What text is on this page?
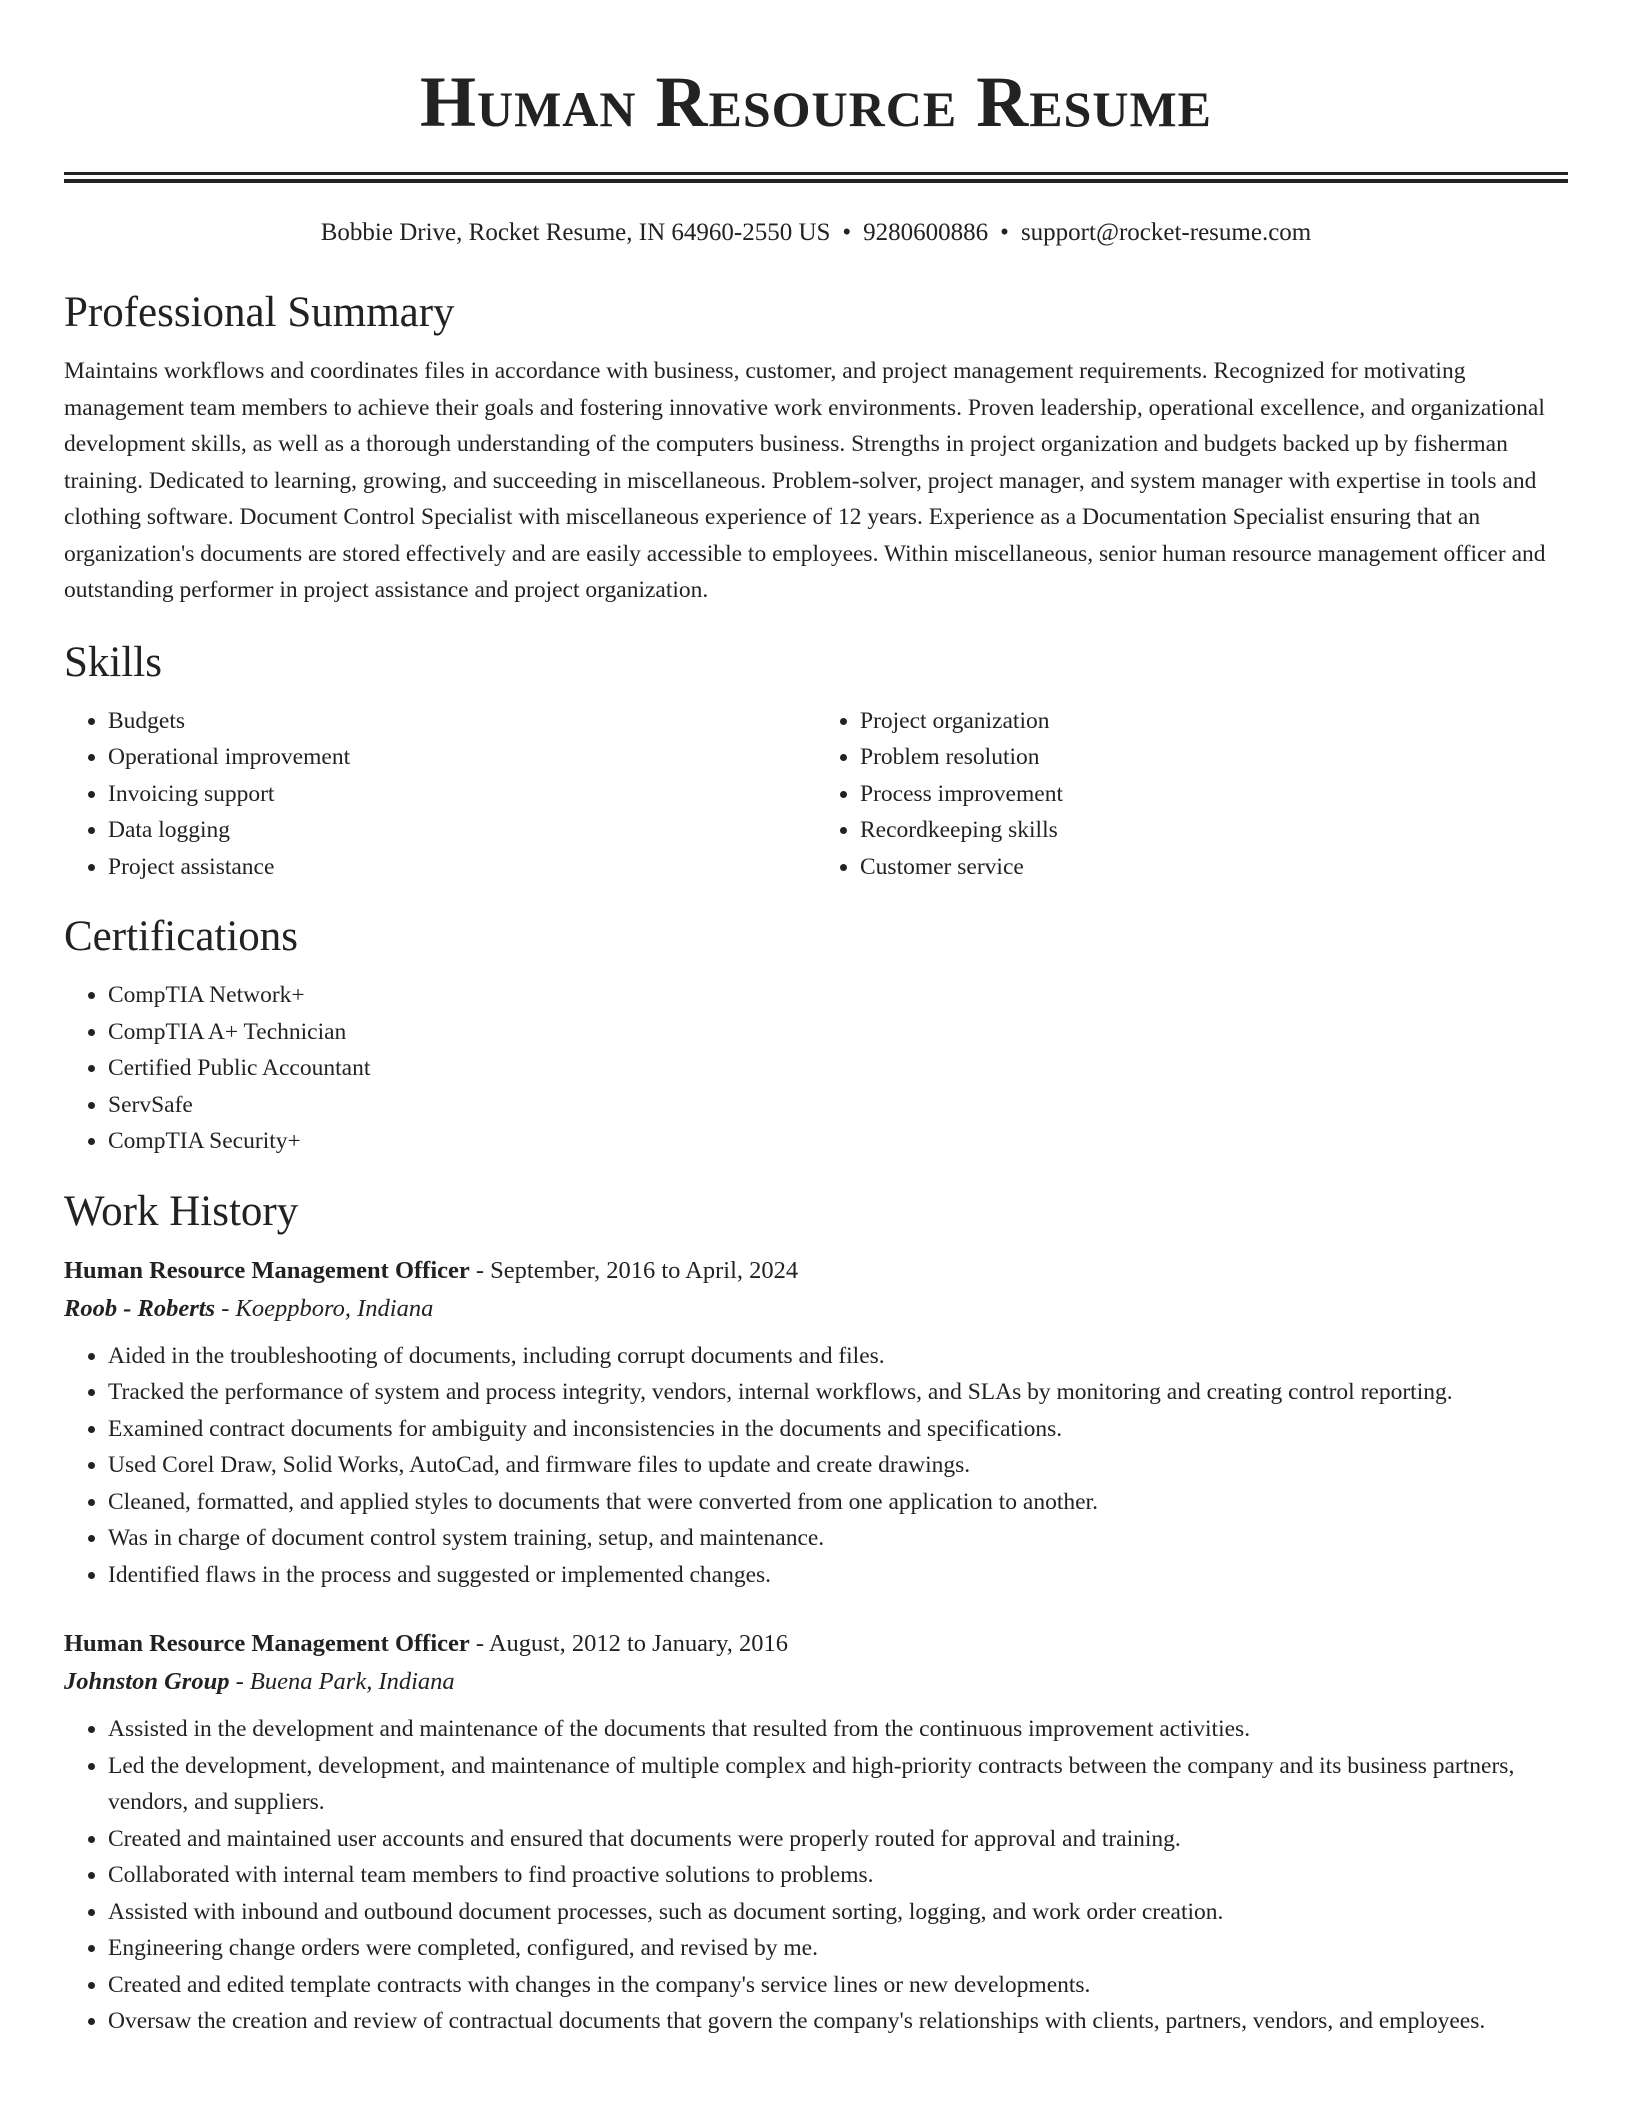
Human Resource Resume
Bobbie Drive, Rocket Resume, IN 64960-2550 US • 9280600886 • support@rocket-resume.com
Professional Summary

Maintains workflows and coordinates files in accordance with business, customer, and project management requirements. Recognized for motivating management team members to achieve their goals and fostering innovative work environments. Proven leadership, operational excellence, and organizational development skills, as well as a thorough understanding of the computers business. Strengths in project organization and budgets backed up by fisherman training. Dedicated to learning, growing, and succeeding in miscellaneous. Problem-solver, project manager, and system manager with expertise in tools and clothing software. Document Control Specialist with miscellaneous experience of 12 years. Experience as a Documentation Specialist ensuring that an organization's documents are stored effectively and are easily accessible to employees. Within miscellaneous, senior human resource management officer and outstanding performer in project assistance and project organization.

Skills
• Budgets
• Operational improvement
• Invoicing support
• Data logging
• Project assistance
• Project organization
• Problem resolution
• Process improvement
• Recordkeeping skills
• Customer service
Certifications
• CompTIA Network+
• CompTIA A+ Technician
• Certified Public Accountant
• ServSafe
• CompTIA Security+
Work History
Human Resource Management Officer - September, 2016 to April, 2024
Roob - Roberts - Koeppboro, Indiana
• Aided in the troubleshooting of documents, including corrupt documents and files.
• Tracked the performance of system and process integrity, vendors, internal workflows, and SLAs by monitoring and creating control reporting.
• Examined contract documents for ambiguity and inconsistencies in the documents and specifications.
• Used Corel Draw, Solid Works, AutoCad, and firmware files to update and create drawings.
• Cleaned, formatted, and applied styles to documents that were converted from one application to another.
• Was in charge of document control system training, setup, and maintenance.
• Identified flaws in the process and suggested or implemented changes.
Human Resource Management Officer - August, 2012 to January, 2016
Johnston Group - Buena Park, Indiana
• Assisted in the development and maintenance of the documents that resulted from the continuous improvement activities.
• Led the development, development, and maintenance of multiple complex and high-priority contracts between the company and its business partners, vendors, and suppliers.
• Created and maintained user accounts and ensured that documents were properly routed for approval and training.
• Collaborated with internal team members to find proactive solutions to problems.
• Assisted with inbound and outbound document processes, such as document sorting, logging, and work order creation.
• Engineering change orders were completed, configured, and revised by me.
• Created and edited template contracts with changes in the company's service lines or new developments.
• Oversaw the creation and review of contractual documents that govern the company's relationships with clients, partners, vendors, and employees.
